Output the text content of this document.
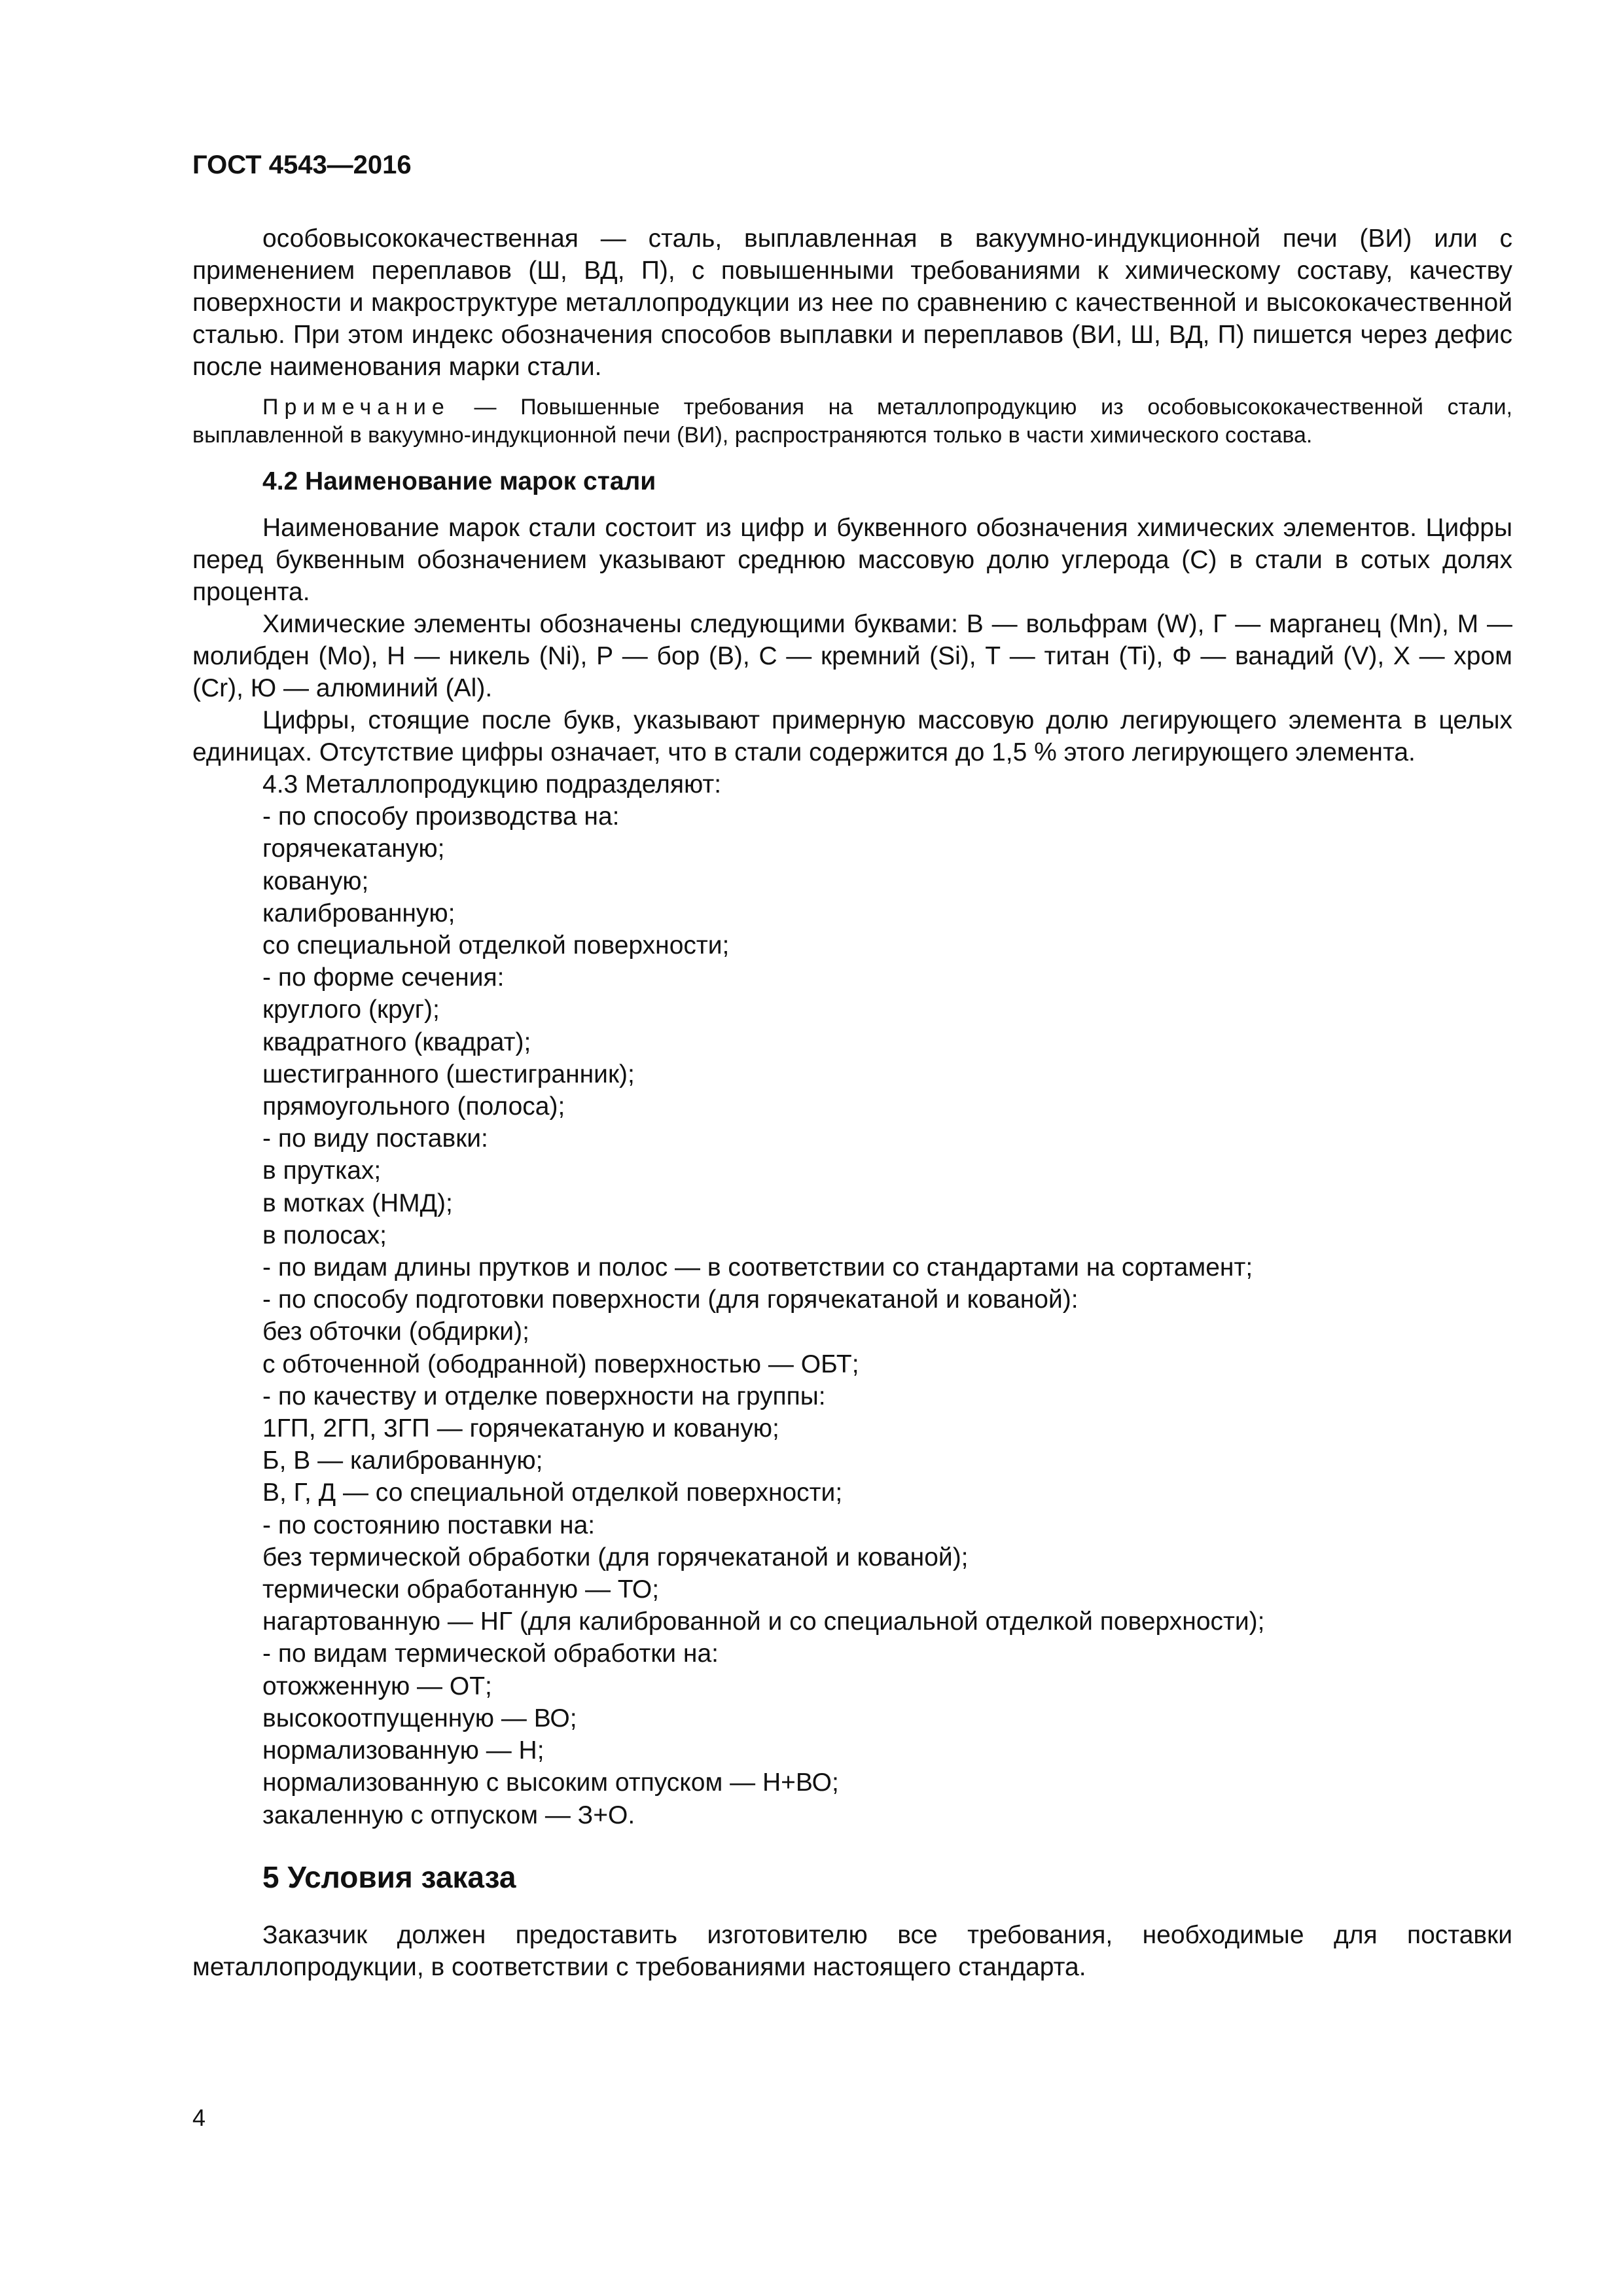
ГОСТ 4543—2016

особовысококачественная — сталь, выплавленная в вакуумно-индукционной печи (ВИ) или с применением переплавов (Ш, ВД, П), с повышенными требованиями к химическому составу, качеству поверхности и макроструктуре металлопродукции из нее по сравнению с качественной и высококачественной сталью. При этом индекс обозначения способов выплавки и переплавов (ВИ, Ш, ВД, П) пишется через дефис после наименования марки стали.

Примечание — Повышенные требования на металлопродукцию из особовысококачественной стали, выплавленной в вакуумно-индукционной печи (ВИ), распространяются только в части химического состава.

4.2 Наименование марок стали

Наименование марок стали состоит из цифр и буквенного обозначения химических элементов. Цифры перед буквенным обозначением указывают среднюю массовую долю углерода (С) в стали в сотых долях процента.

Химические элементы обозначены следующими буквами: В — вольфрам (W), Г — марганец (Mn), М — молибден (Mo), Н — никель (Ni), Р — бор (В), С — кремний (Si), Т — титан (Ti), Ф — ванадий (V), Х — хром (Cr), Ю — алюминий (Al).

Цифры, стоящие после букв, указывают примерную массовую долю легирующего элемента в целых единицах. Отсутствие цифры означает, что в стали содержится до 1,5 % этого легирующего элемента.

4.3 Металлопродукцию подразделяют:

- по способу производства на:

горячекатаную;

кованую;

калиброванную;

со специальной отделкой поверхности;

- по форме сечения:

круглого (круг);

квадратного (квадрат);

шестигранного (шестигранник);

прямоугольного (полоса);

- по виду поставки:

в прутках;

в мотках (НМД);

в полосах;

- по видам длины прутков и полос — в соответствии со стандартами на сортамент;

- по способу подготовки поверхности (для горячекатаной и кованой):

без обточки (обдирки);

с обточенной (ободранной) поверхностью — ОБТ;

- по качеству и отделке поверхности на группы:

1ГП, 2ГП, 3ГП — горячекатаную и кованую;

Б, В — калиброванную;

В, Г, Д — со специальной отделкой поверхности;

- по состоянию поставки на:

без термической обработки (для горячекатаной и кованой);

термически обработанную — ТО;

нагартованную — НГ (для калиброванной и со специальной отделкой поверхности);

- по видам термической обработки на:

отожженную — ОТ;

высокоотпущенную — ВО;

нормализованную — Н;

нормализованную с высоким отпуском — Н+ВО;

закаленную с отпуском — З+О.

5 Условия заказа

Заказчик должен предоставить изготовителю все требования, необходимые для поставки металлопродукции, в соответствии с требованиями настоящего стандарта.

4
